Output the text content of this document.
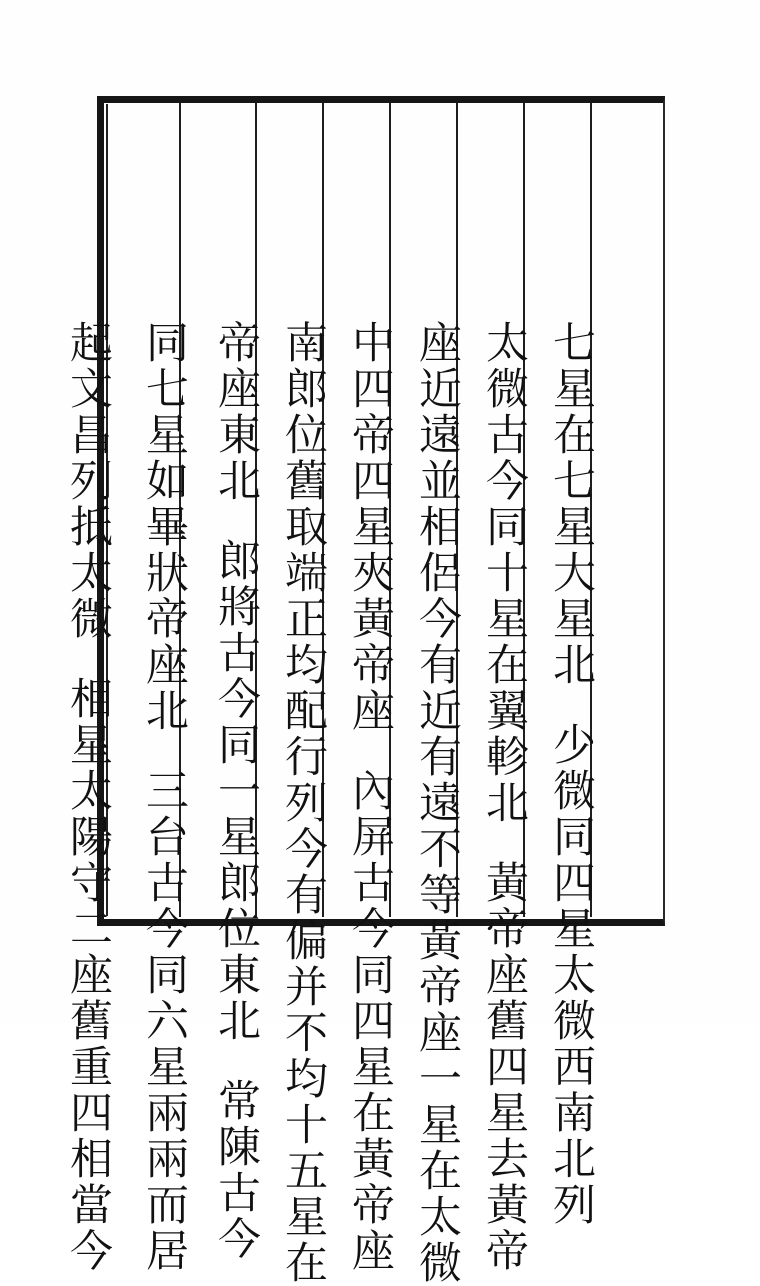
七星在七星大星北少微同四星太微西南北列

太微古今同十星在翼軫北黃帝座舊四星去黃帝

座近遠並相侶今有近有遠不等黃帝座一星在太微

中四帝四星夾黃帝座內屏古今同四星在黃帝座

南郎位舊取端正均配行列今有偏并不均十五星在

帝座東北郎將古今同一星郎位東北常陳古今

同七星如畢狀帝座北三台古今同六星兩兩而居

起文昌列抵太微相星太陽守二座舊重四相當今
